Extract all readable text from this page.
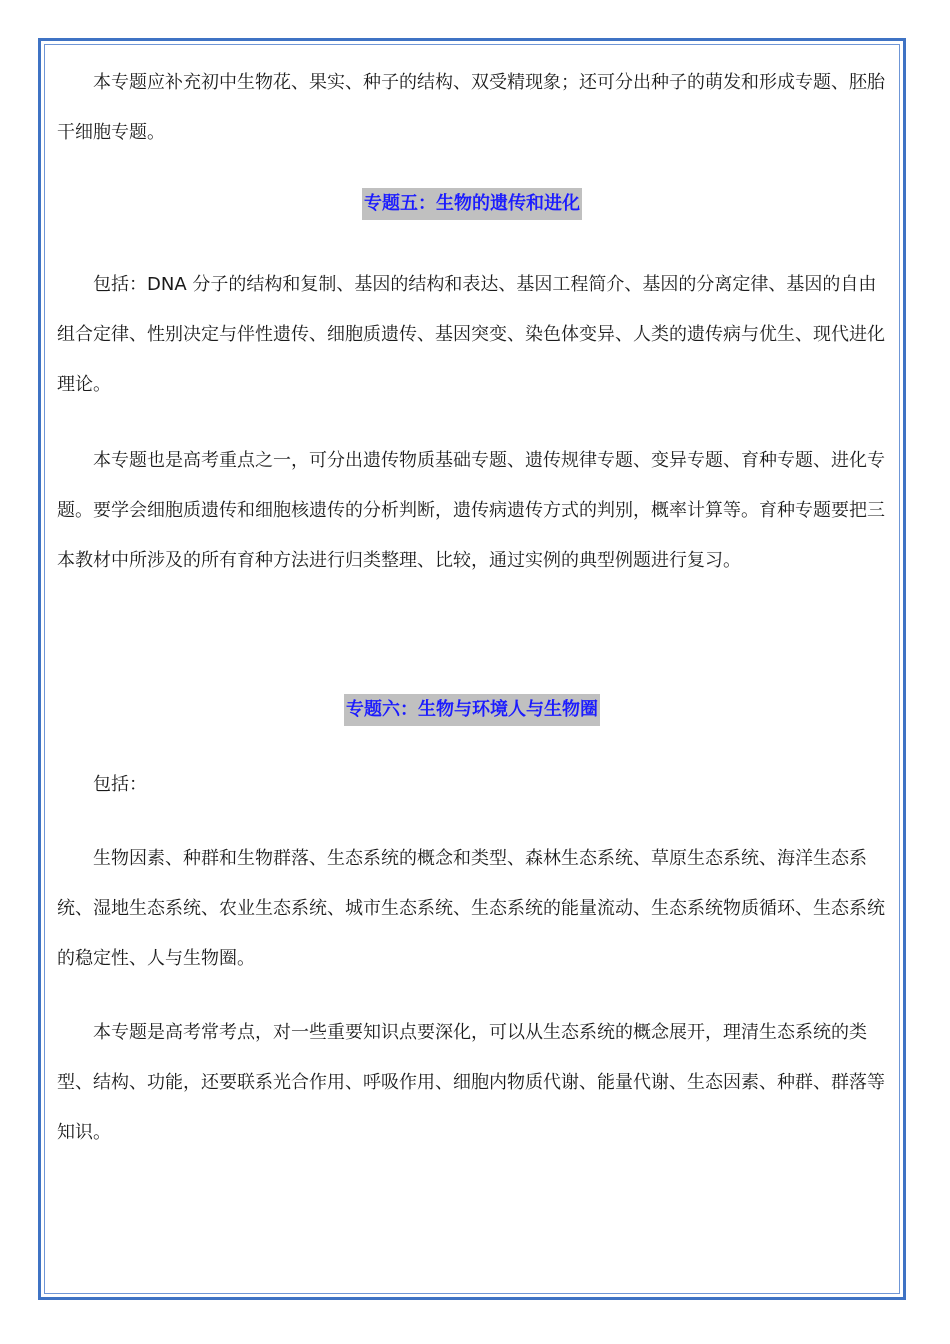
本专题应补充初中生物花、果实、种子的结构、双受精现象；还可分出种子的萌发和形成专题、胚胎干细胞专题。

专题五：生物的遗传和进化

包括：DNA 分子的结构和复制、基因的结构和表达、基因工程简介、基因的分离定律、基因的自由组合定律、性别决定与伴性遗传、细胞质遗传、基因突变、染色体变异、人类的遗传病与优生、现代进化理论。

本专题也是高考重点之一，可分出遗传物质基础专题、遗传规律专题、变异专题、育种专题、进化专题。要学会细胞质遗传和细胞核遗传的分析判断，遗传病遗传方式的判别，概率计算等。育种专题要把三本教材中所涉及的所有育种方法进行归类整理、比较，通过实例的典型例题进行复习。

专题六：生物与环境人与生物圈

包括：

生物因素、种群和生物群落、生态系统的概念和类型、森林生态系统、草原生态系统、海洋生态系统、湿地生态系统、农业生态系统、城市生态系统、生态系统的能量流动、生态系统物质循环、生态系统的稳定性、人与生物圈。

本专题是高考常考点，对一些重要知识点要深化，可以从生态系统的概念展开，理清生态系统的类型、结构、功能，还要联系光合作用、呼吸作用、细胞内物质代谢、能量代谢、生态因素、种群、群落等知识。
